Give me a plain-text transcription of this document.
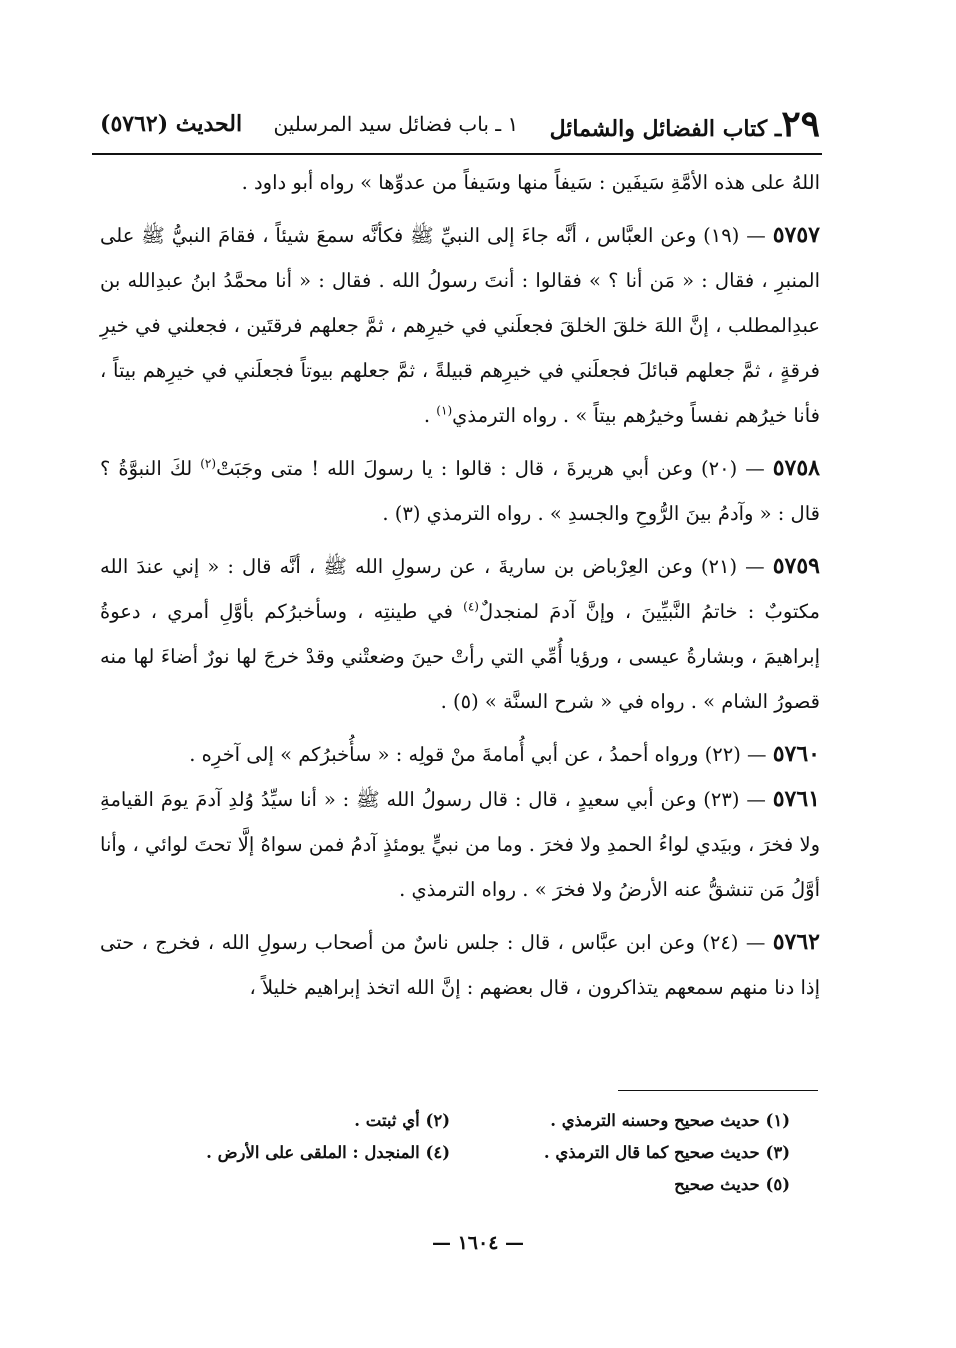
٢٩ـ كتاب الفضائل والشمائل
١ ـ باب فضائل سيد المرسلين
الحديث (٥٧٦٢)

اللهُ على هذه الأمَّةِ سَيفَين : سَيفاً منها وسَيفاً من عدوِّها » رواه أبو داود .

٥٧٥٧ — (١٩) وعن العبَّاس ، أنَّه جاءَ إلى النبيِّ ﷺ فكأنَّه سمعَ شيئاً ، فقامَ النبيُّ ﷺ على المنبرِ ، فقال : « مَن أنا ؟ » فقالوا : أنتَ رسولُ الله . فقال : « أنا محمَّدُ ابنُ عبدِالله بن عبدِالمطلب ، إنَّ اللهَ خلقَ الخلقَ فجعلَني في خيرِهم ، ثمَّ جعلهم فرقتَين ، فجعلني في خيرِ فرقةٍ ، ثمَّ جعلهم قبائلَ فجعلَني في خيرِهم قبيلةً ، ثمَّ جعلهم بيوتاً فجعلَني في خيرِهم بيتاً ، فأنا خيرُهم نفساً وخيرُهم بيتاً » . رواه الترمذي$^{(١)}$ .

٥٧٥٨ — (٢٠) وعن أبي هريرةَ ، قال : قالوا : يا رسولَ الله ! متى وجَبَتْ$^{(٢)}$ لكَ النبوَّةُ ؟ قال : « وآدمُ بينَ الرُّوحِ والجسدِ » . رواه الترمذي (٣) .

٥٧٥٩ — (٢١) وعن العِرْباض بن ساريةَ ، عن رسولِ الله ﷺ ، أنَّه قال : « إني عندَ الله مكتوبٌ : خاتمُ النَّبيِّينَ ، وإنَّ آدمَ لمنجدلٌ$^{(٤)}$ في طينتِه ، وسأخبرُكم بأوَّلِ أمري ، دعوةُ إبراهيمَ ، وبشارةُ عيسى ، ورؤيا أُمِّي التي رأتْ حينَ وضعتْني وقدْ خرجَ لها نورٌ أضاءَ لها منه قصورُ الشام » . رواه في « شرح السنَّة » (٥) .

٥٧٦٠ — (٢٢) ورواه أحمدُ ، عن أبي أُمامةَ منْ قولِه : « سأُخبرُكم » إلى آخرِه .

٥٧٦١ — (٢٣) وعن أبي سعيدٍ ، قال : قال رسولُ الله ﷺ : « أنا سيِّدُ وُلدِ آدمَ يومَ القيامةِ ولا فخرَ ، وبيَدي لواءُ الحمدِ ولا فخرَ . وما من نبيٍّ يومئذٍ آدمُ فمن سواهُ إلَّا تحتَ لوائي ، وأنا أوَّلُ مَن تنشقُّ عنه الأرضُ ولا فخرَ » . رواه الترمذي .

٥٧٦٢ — (٢٤) وعن ابن عبَّاس ، قال : جلس ناسٌ من أصحاب رسولِ الله ، فخرج ، حتى إذا دنا منهم سمعهم يتذاكرون ، قال بعضهم : إنَّ الله اتخذ إبراهيم خليلاً ،

(١) حديث صحيح وحسنه الترمذي .
(٢) أي ثبتت .
(٣) حديث صحيح كما قال الترمذي .
(٤) المنجدل : الملقى على الأرض .
(٥) حديث صحيح
— ١٦٠٤ —
